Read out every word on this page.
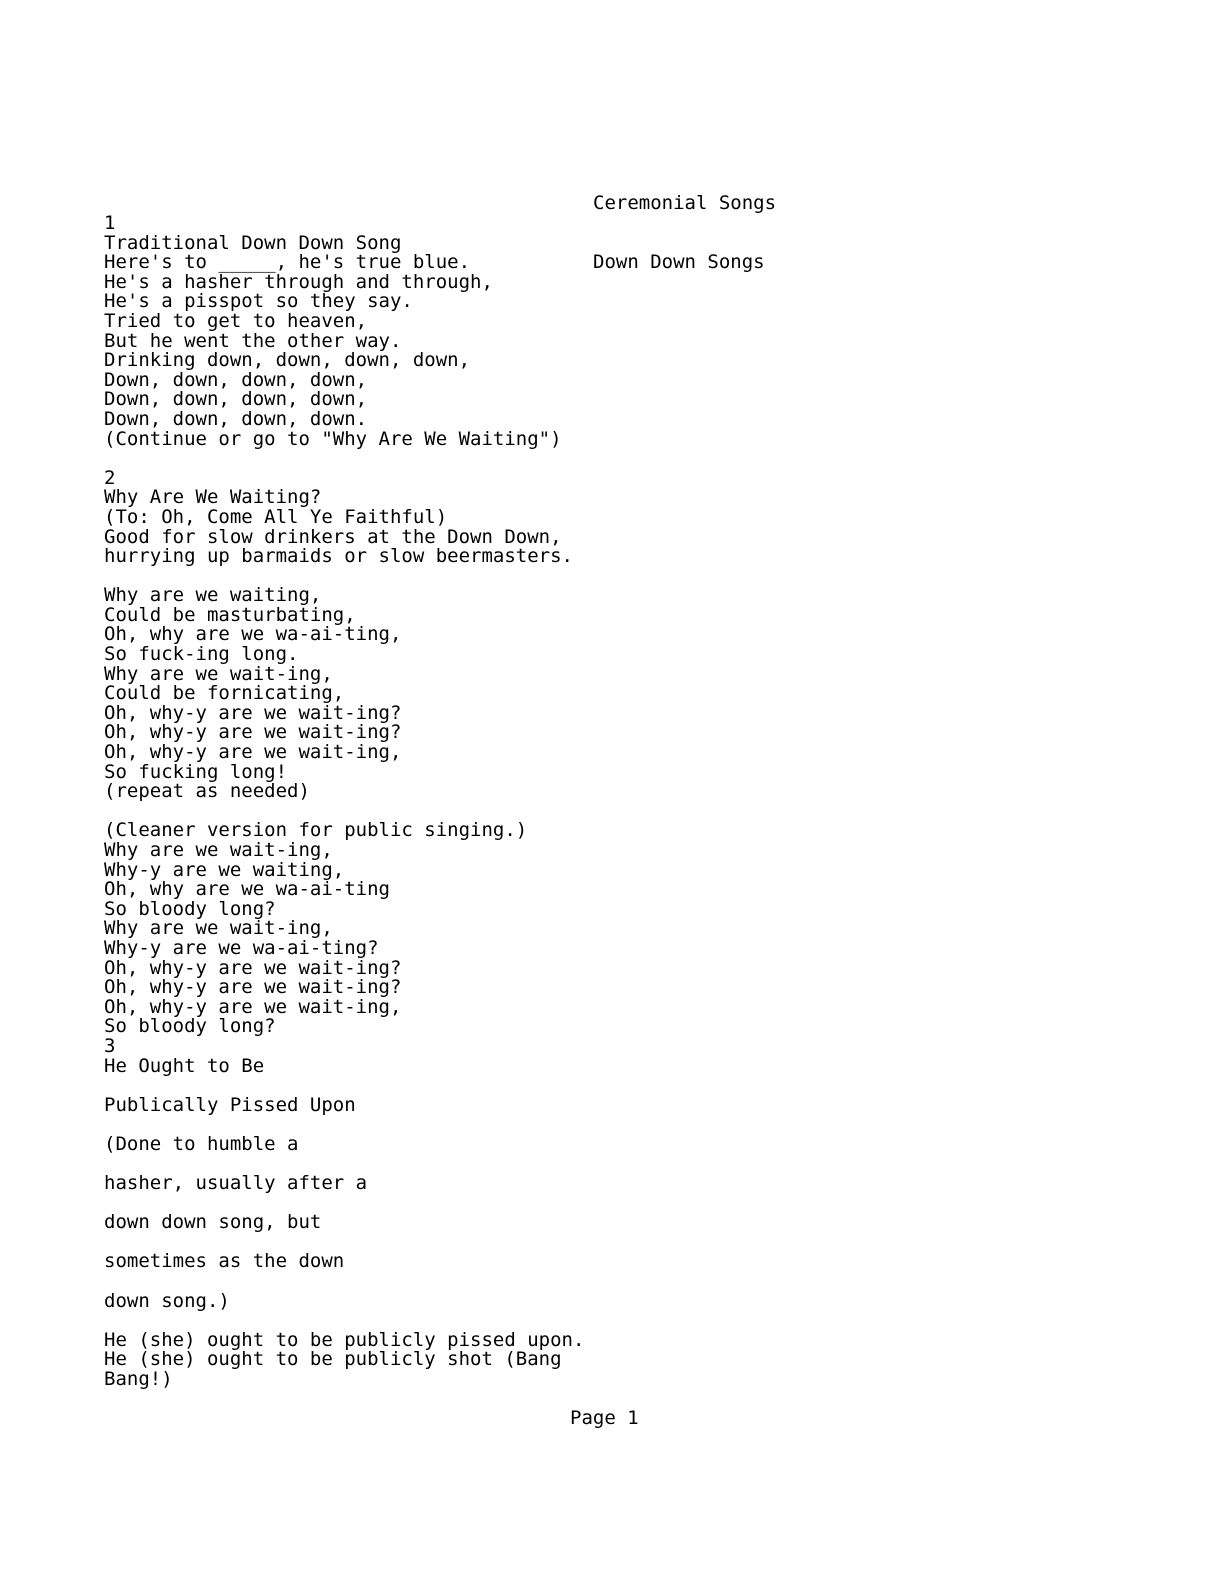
Ceremonial Songs

Down Down Songs

1
Traditional Down Down Song
Here's to _____, he's true blue.
He's a hasher through and through,
He's a pisspot so they say.
Tried to get to heaven,
But he went the other way.
Drinking down, down, down, down,
Down, down, down, down,
Down, down, down, down,
Down, down, down, down.
(Continue or go to "Why Are We Waiting")
2
Why Are We Waiting?
(To: Oh, Come All Ye Faithful)
Good for slow drinkers at the Down Down,
hurrying up barmaids or slow beermasters.
Why are we waiting,
Could be masturbating,
Oh, why are we wa-ai-ting,
So fuck-ing long.
Why are we wait-ing,
Could be fornicating,
Oh, why-y are we wait-ing?
Oh, why-y are we wait-ing?
Oh, why-y are we wait-ing,
So fucking long!
(repeat as needed)
(Cleaner version for public singing.)
Why are we wait-ing,
Why-y are we waiting,
Oh, why are we wa-ai-ting
So bloody long?
Why are we wait-ing,
Why-y are we wa-ai-ting?
Oh, why-y are we wait-ing?
Oh, why-y are we wait-ing?
Oh, why-y are we wait-ing,
So bloody long?
3
He Ought to Be
Publically Pissed Upon
(Done to humble a
hasher, usually after a
down down song, but
sometimes as the down
down song.)
He (she) ought to be publicly pissed upon.
He (she) ought to be publicly shot (Bang
Bang!)
Page 1
